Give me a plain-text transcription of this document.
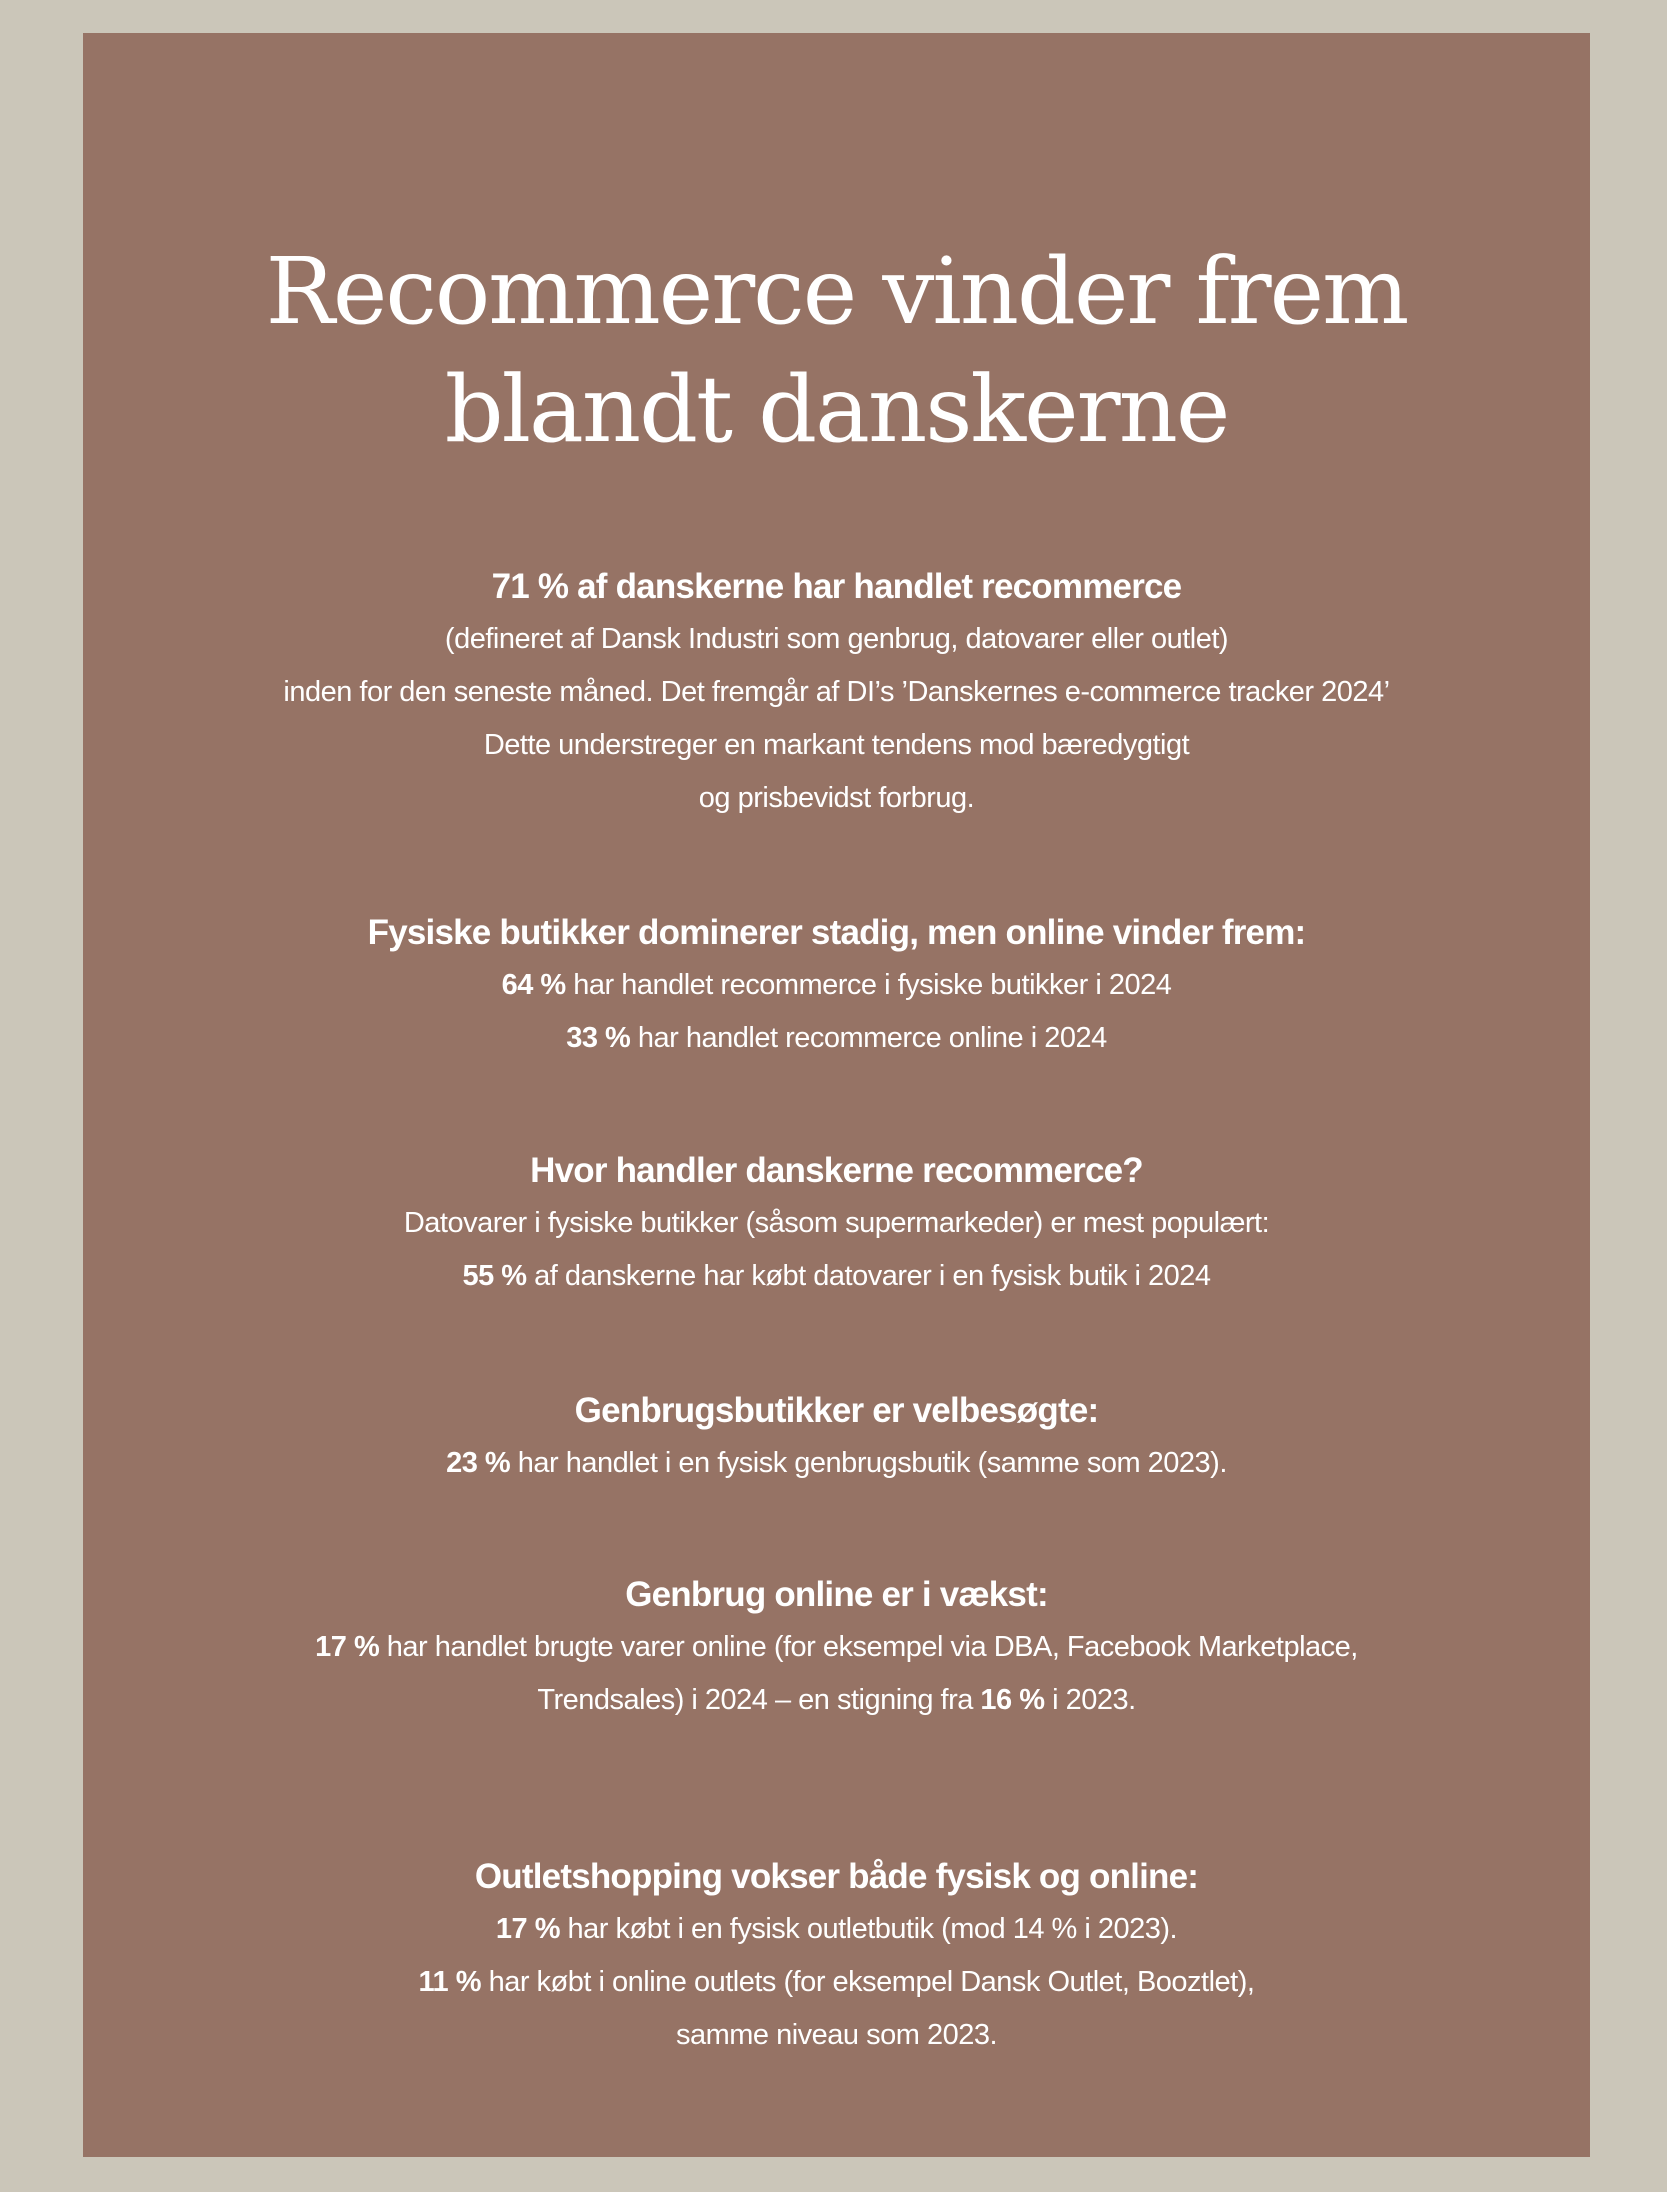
Recommerce vinder frem
blandt danskerne

71 % af danskerne har handlet recommerce

(defineret af Dansk Industri som genbrug, datovarer eller outlet)

inden for den seneste måned. Det fremgår af DI’s ’Danskernes e-commerce tracker 2024’

Dette understreger en markant tendens mod bæredygtigt

og prisbevidst forbrug.

Fysiske butikker dominerer stadig, men online vinder frem:

64 % har handlet recommerce i fysiske butikker i 2024

33 % har handlet recommerce online i 2024

Hvor handler danskerne recommerce?

Datovarer i fysiske butikker (såsom supermarkeder) er mest populært:

55 % af danskerne har købt datovarer i en fysisk butik i 2024

Genbrugsbutikker er velbesøgte:

23 % har handlet i en fysisk genbrugsbutik (samme som 2023).

Genbrug online er i vækst:

17 % har handlet brugte varer online (for eksempel via DBA, Facebook Marketplace,

Trendsales) i 2024 – en stigning fra 16 % i 2023.

Outletshopping vokser både fysisk og online:

17 % har købt i en fysisk outletbutik (mod 14 % i 2023).

11 % har købt i online outlets (for eksempel Dansk Outlet, Booztlet),

samme niveau som 2023.
